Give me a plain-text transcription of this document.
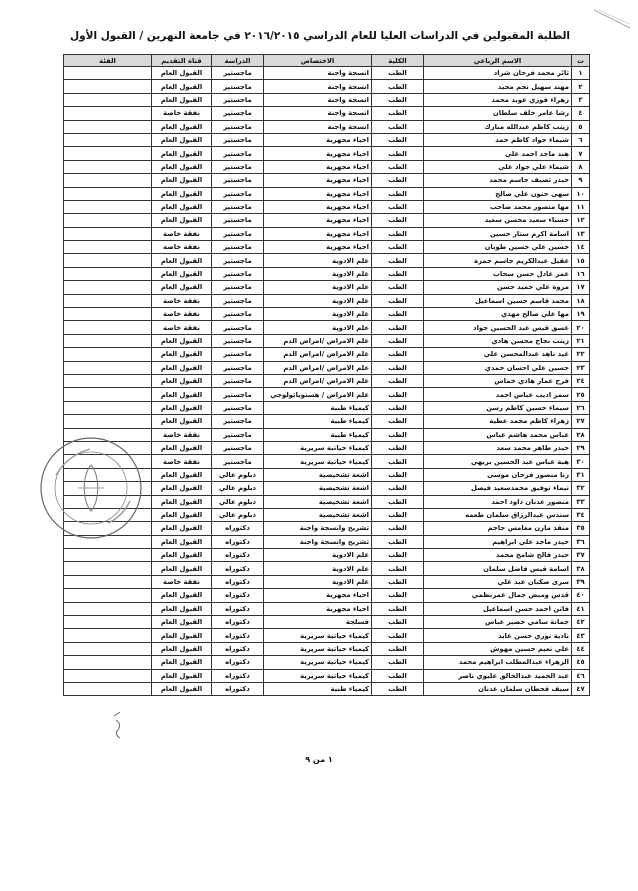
الطلبة المقبولين في الدراسات العليا للعام الدراسي ٢٠١٦/٢٠١٥ في جامعة النهرين / القبول الأول
ت	الاسم الرباعي	الكلية	الاختصاص	الدراسة	قناة التقديم	الفئة
١	ثائر محمد فرحان شراد	الطب	انسجة واجنة	ماجستير	القبول العام	
٢	مهند سهيل نجم مجيد	الطب	انسجة واجنة	ماجستير	القبول العام	
٣	زهراء فوزي عويد محمد	الطب	انسجة واجنة	ماجستير	القبول العام	
٤	رشا عامر خلف سلطان	الطب	انسجة واجنة	ماجستير	نفقة خاصة	
٥	زينب كاظم عبدالله مبارك	الطب	انسجة واجنة	ماجستير	القبول العام	
٦	شيماء جواد كاظم حمد	الطب	احياء مجهرية	ماجستير	القبول العام	
٧	هند ماجد احمد علي	الطب	احياء مجهرية	ماجستير	القبول العام	
٨	شيماء علي جواد علي	الطب	احياء مجهرية	ماجستير	القبول العام	
٩	حيدر تصيف جاسم محمد	الطب	احياء مجهرية	ماجستير	القبول العام	
١٠	سهى حنون علي صالح	الطب	احياء مجهرية	ماجستير	القبول العام	
١١	مها منصور محمد صاحب	الطب	احياء مجهرية	ماجستير	القبول العام	
١٢	حسناء سعيد محسن سعيد	الطب	احياء مجهرية	ماجستير	القبول العام	
١٣	اسامة اكرم ستار حسين	الطب	احياء مجهرية	ماجستير	نفقة خاصة	
١٤	حسين علي حسين طوبان	الطب	احياء مجهرية	ماجستير	نفقة خاصة	
١٥	عقيل عبدالكريم جاسم حمزة	الطب	علم الادوية	ماجستير	القبول العام	
١٦	عمر عادل حسن سحاب	الطب	علم الادوية	ماجستير	القبول العام	
١٧	مروة علي حميد حسن	الطب	علم الادوية	ماجستير	القبول العام	
١٨	محمد قاسم حسين اسماعيل	الطب	علم الادوية	ماجستير	نفقة خاصة	
١٩	مها علي صالح مهدي	الطب	علم الادوية	ماجستير	نفقة خاصة	
٢٠	غسق قيس عبد الحسين جواد	الطب	علم الادوية	ماجستير	نفقة خاصة	
٢١	زينب نجاح محسن هادي	الطب	علم الامراض /امراض الدم	ماجستير	القبول العام	
٢٢	غيد ناهد عبدالمحسن علي	الطب	علم الامراض /امراض الدم	ماجستير	القبول العام	
٢٣	حسين علي احسان حمدي	الطب	علم الامراض /امراض الدم	ماجستير	القبول العام	
٢٤	فرح عمار هادي خماس	الطب	علم الامراض /امراض الدم	ماجستير	القبول العام	
٢٥	سمر اديب عباس احمد	الطب	علم الامراض / هستوباثولوجي	ماجستير	القبول العام	
٢٦	سيماء حسين كاظم رسن	الطب	كيمياء طبية	ماجستير	القبول العام	
٢٧	زهراء كاظم محمد عطية	الطب	كيمياء طبية	ماجستير	القبول العام	
٢٨	عباس محمد هاشم عباس	الطب	كيمياء طبية	ماجستير	نفقة خاصة	
٢٩	حيدر طاهر محمد سعد	الطب	كيمياء حياتية سريرية	ماجستير	القبول العام	
٣٠	هبة عباس عبد الحسين بريهي	الطب	كيمياء حياتية سريرية	ماجستير	نفقة خاصة	
٣١	رنا منصور فرحان موسى	الطب	اشعة تشخيصية	دبلوم عالي	القبول العام	
٣٢	تيماء توفيق محمدسعيد فيصل	الطب	اشعة تشخيصية	دبلوم عالي	القبول العام	
٣٣	منصور عدنان داود احمد	الطب	اشعة تشخيصية	دبلوم عالي	القبول العام	
٣٤	سندس عبدالرزاق سلمان طعمه	الطب	اشعة تشخيصية	دبلوم عالي	القبول العام	
٣٥	منقذ مازن مغامس جاجم	الطب	تشريح وانسجة واجنة	دكتوراه	القبول العام	
٣٦	حيدر ماجد علي ابراهيم	الطب	تشريح وانسجة واجنة	دكتوراه	القبول العام	
٣٧	حيدر فالح شامخ محمد	الطب	علم الادوية	دكتوراه	القبول العام	
٣٨	اسامة قيس فاضل سلمان	الطب	علم الادوية	دكتوراه	القبول العام	
٣٩	سرى صكبان عبد علي	الطب	علم الادوية	دكتوراه	نفقة خاصة	
٤٠	قدس ومبض جمال عمرنظمي	الطب	احياء مجهرية	دكتوراه	القبول العام	
٤١	فاتن احمد حسن اسماعيل	الطب	احياء مجهرية	دكتوراه	القبول العام	
٤٢	جمانة سامي خضير عباس	الطب	فسلجة	دكتوراه	القبول العام	
٤٣	نادية نوري حسن عايد	الطب	كيمياء حياتية سريرية	دكتوراه	القبول العام	
٤٤	علي نعيم حسين مهوش	الطب	كيمياء حياتية سريرية	دكتوراه	القبول العام	
٤٥	الزهراء عبدالمطلب ابراهيم محمد	الطب	كيمياء حياتية سريرية	دكتوراه	القبول العام	
٤٦	عبد الحميد عبدالخالق عليوي ناصر	الطب	كيمياء حياتية سريرية	دكتوراه	القبول العام	
٤٧	سيف قحطان سلمان عدنان	الطب	كيمياء طبية	دكتوراه	القبول العام	
١ من ٩
